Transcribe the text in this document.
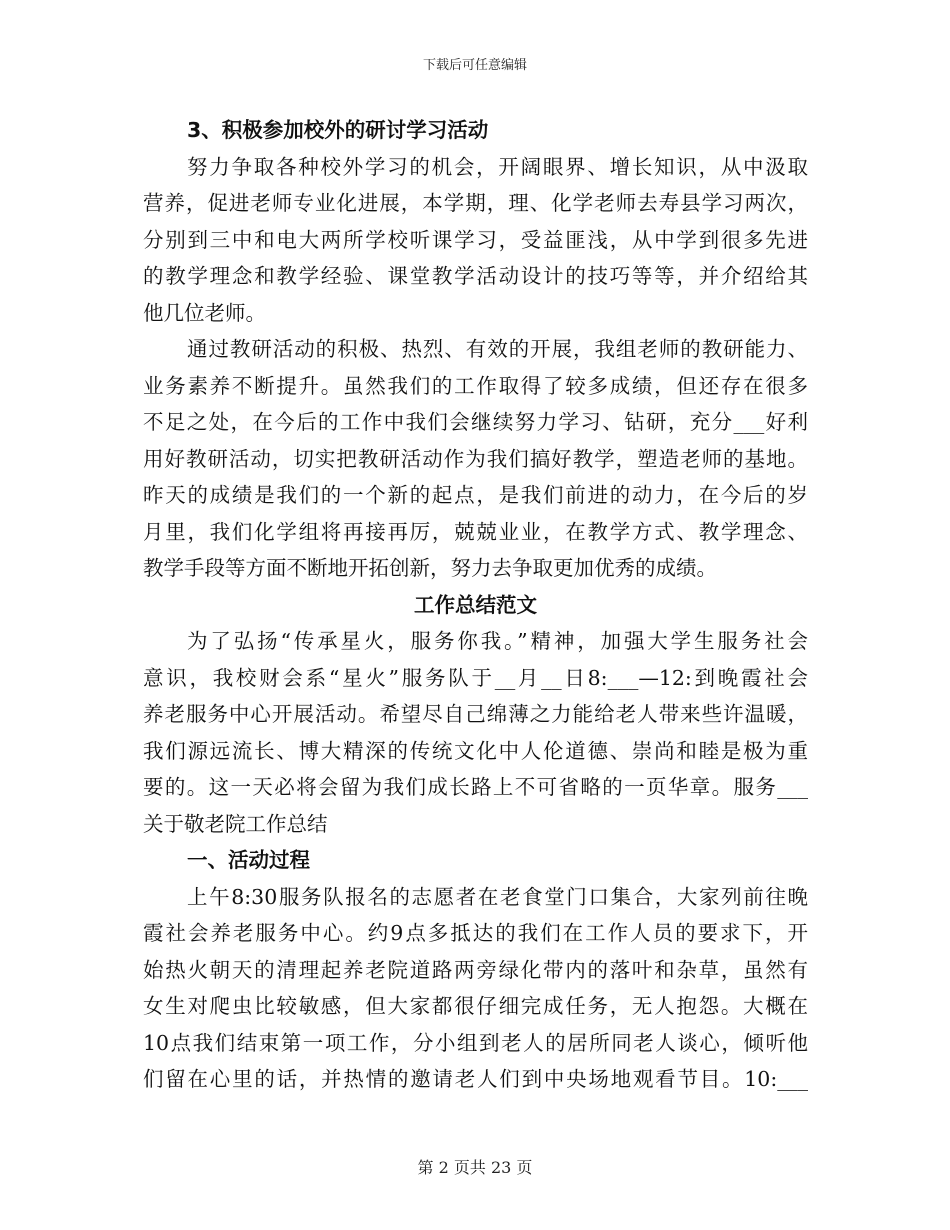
下载后可任意编辑
3、积极参加校外的研讨学习活动
努力争取各种校外学习的机会，开阔眼界、增长知识，从中汲取
营养，促进老师专业化进展，本学期，理、化学老师去寿县学习两次，
分别到三中和电大两所学校听课学习，受益匪浅，从中学到很多先进
的教学理念和教学经验、课堂教学活动设计的技巧等等，并介绍给其
他几位老师。
通过教研活动的积极、热烈、有效的开展，我组老师的教研能力、
业务素养不断提升。虽然我们的工作取得了较多成绩，但还存在很多
不足之处，在今后的工作中我们会继续努力学习、钻研，充分___好利
用好教研活动，切实把教研活动作为我们搞好教学，塑造老师的基地。
昨天的成绩是我们的一个新的起点，是我们前进的动力，在今后的岁
月里，我们化学组将再接再厉，兢兢业业，在教学方式、教学理念、
教学手段等方面不断地开拓创新，努力去争取更加优秀的成绩。
工作总结范文
为了弘扬“传承星火，服务你我。”精神，加强大学生服务社会
意识，我校财会系“星火”服务队于__月__日8:___—12:到晚霞社会
养老服务中心开展活动。希望尽自己绵薄之力能给老人带来些许温暖，
我们源远流长、博大精深的传统文化中人伦道德、崇尚和睦是极为重
要的。这一天必将会留为我们成长路上不可省略的一页华章。服务___
关于敬老院工作总结
一、活动过程
上午8:30服务队报名的志愿者在老食堂门口集合，大家列前往晚
霞社会养老服务中心。约9点多抵达的我们在工作人员的要求下，开
始热火朝天的清理起养老院道路两旁绿化带内的落叶和杂草，虽然有
女生对爬虫比较敏感，但大家都很仔细完成任务，无人抱怨。大概在
10点我们结束第一项工作，分小组到老人的居所同老人谈心，倾听他
们留在心里的话，并热情的邀请老人们到中央场地观看节目。10:___
第 2 页共 23 页
